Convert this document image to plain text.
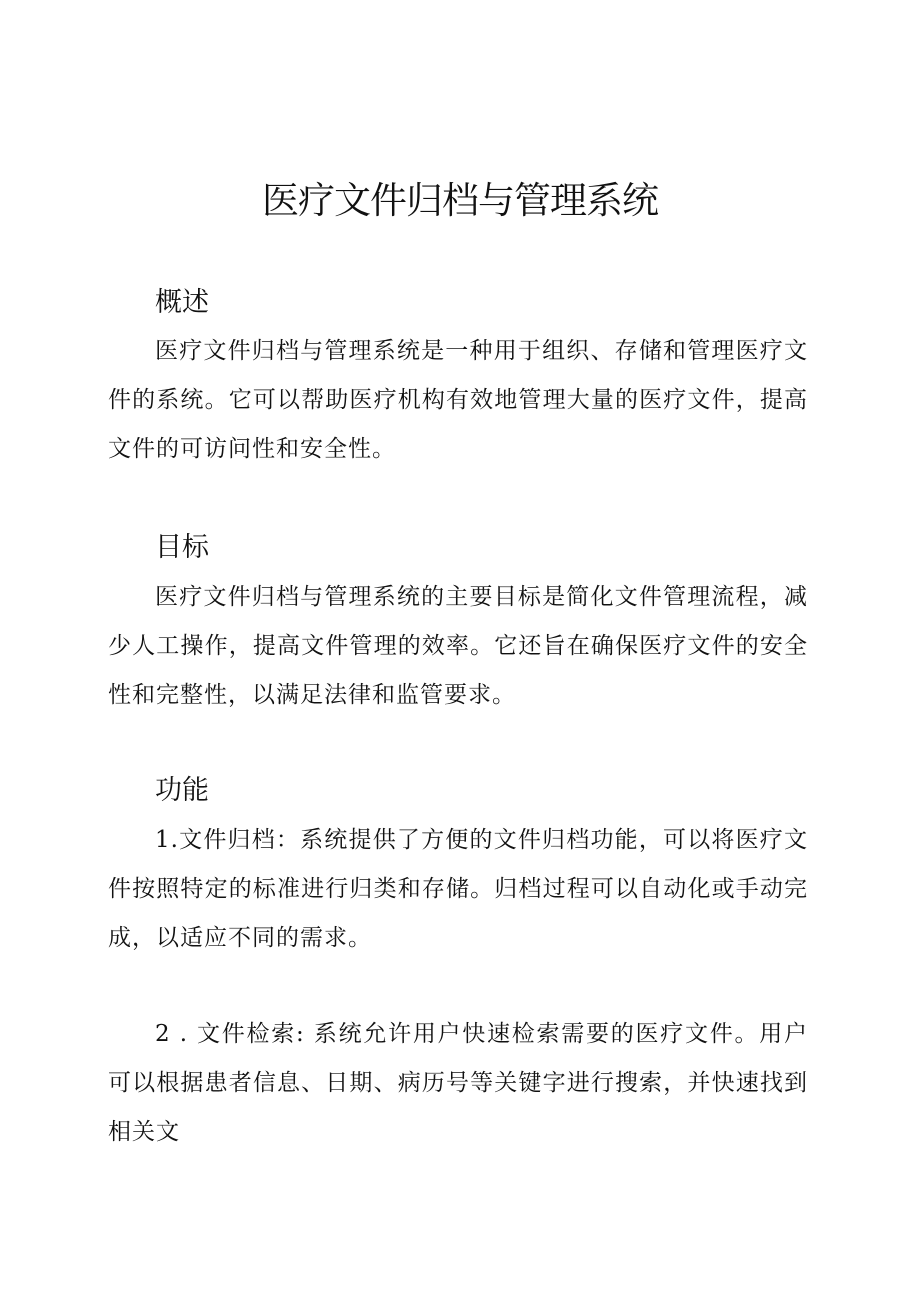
医疗文件归档与管理系统
概述

医疗文件归档与管理系统是一种用于组织、存储和管理医疗文件的系统。它可以帮助医疗机构有效地管理大量的医疗文件，提高文件的可访问性和安全性。

目标

医疗文件归档与管理系统的主要目标是简化文件管理流程，减少人工操作，提高文件管理的效率。它还旨在确保医疗文件的安全性和完整性，以满足法律和监管要求。

功能

1.文件归档：系统提供了方便的文件归档功能，可以将医疗文件按照特定的标准进行归类和存储。归档过程可以自动化或手动完成，以适应不同的需求。

2 . 文件检索: 系统允许用户快速检索需要的医疗文件。用户可以根据患者信息、日期、病历号等关键字进行搜索，并快速找到相关文
